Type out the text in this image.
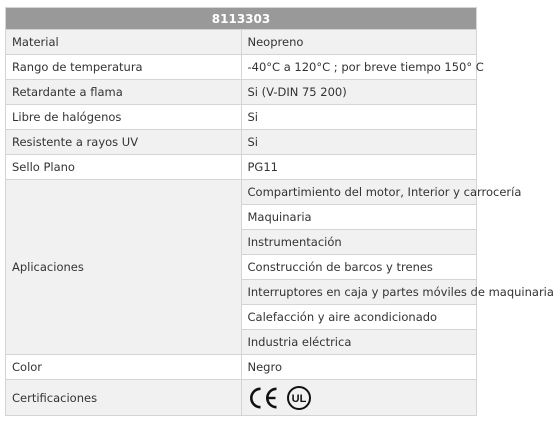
8113303	
Material	Neopreno
Rango de temperatura	-40°C a 120°C ; por breve tiempo 150° C
Retardante a flama	Si (V-DIN 75 200)
Libre de halógenos	Si
Resistente a rayos UV	Si
Sello Plano	PG11
Aplicaciones	Compartimiento del motor, Interior y carrocería
	Maquinaria
	Instrumentación
	Construcción de barcos y trenes
	Interruptores en caja y partes móviles de maquinaria
	Calefacción y aire acondicionado
	Industria eléctrica
Color	Negro
Certificaciones	UL
